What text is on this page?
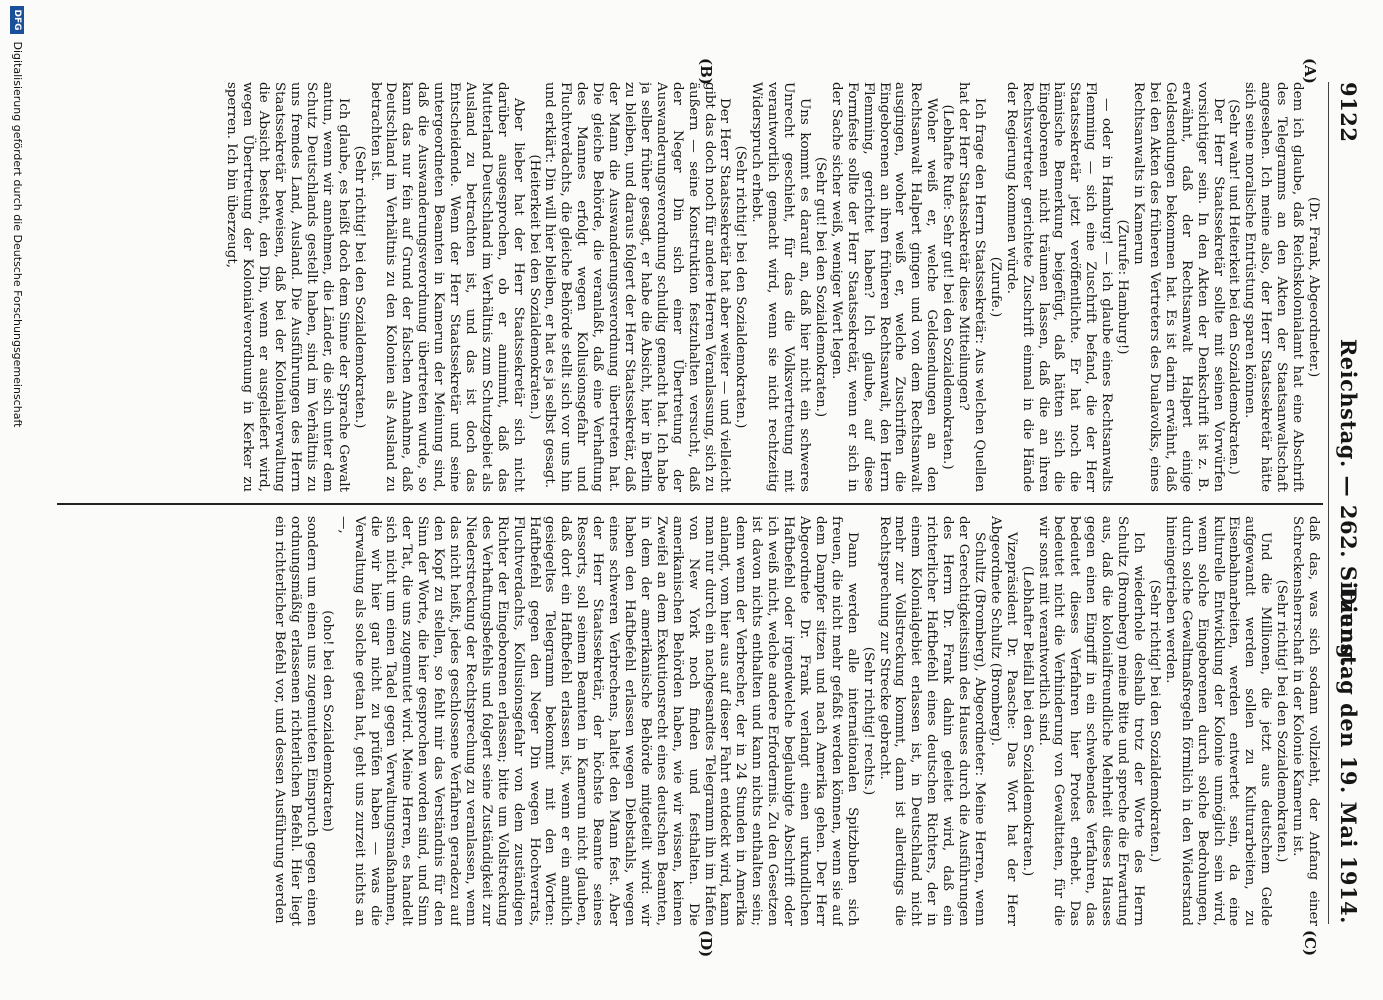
9122
Reichstag. — 262. Sitzung.
Dienstag den 19. Mai 1914.
(A)
(B)
(C)
(D)

(Dr. Frank, Abgeordneter.)

dem ich glaube, daß Reichskolonialamt hat eine Abschrift des Telegramms an den Akten der Staatsanwaltschaft angesehen. Ich meine also, der Herr Staatssekretär hätte sich seine moralische Entrüstung sparen können.

(Sehr wahr! und Heiterkeit bei den Sozialdemokraten.)

Der Herr Staatssekretär sollte mit seinen Vorwürfen vorsichtiger sein. In den Akten der Denkschrift ist z. B. erwähnt, daß der Rechtsanwalt Halpert einige Geldsendungen bekommen hat. Es ist darin erwähnt, daß bei den Akten des früheren Vertreters des Dualavolks, eines Rechtsanwalts in Kamerun

(Zurufe: Hamburg!)

— oder in Hamburg! — ich glaube eines Rechtsanwalts Flemming — sich eine Zuschrift befand, die der Herr Staatssekretär jetzt veröffentlichte. Er hat noch die hämische Bemerkung beigefügt, daß hätten sich die Eingeborenen nicht träumen lassen, daß die an ihren Rechtsvertreter gerichtete Zuschrift einmal in die Hände der Regierung kommen würde.

(Zurufe.)

Ich frage den Herrn Staatssekretär: Aus welchen Quellen hat der Herr Staatssekretär diese Mitteilungen?

(Lebhafte Rufe: Sehr gut! bei den Sozialdemokraten.)

Woher weiß er, welche Geldsendungen an den Rechtsanwalt Halpert gingen und von dem Rechtsanwalt ausgingen, woher weiß er, welche Zuschriften die Eingeborenen an ihren früheren Rechtsanwalt, den Herrn Flemming, gerichtet haben? Ich glaube, auf diese Formfeste sollte der Herr Staatssekretär, wenn er sich in der Sache sicher weiß, weniger Wert legen.

(Sehr gut! bei den Sozialdemokraten.)

Uns kommt es darauf an, daß hier nicht ein schweres Unrecht geschieht, für das die Volksvertretung mit verantwortlich gemacht wird, wenn sie nicht rechtzeitig Widerspruch erhebt.

(Sehr richtig! bei den Sozialdemokraten.)

Der Herr Staatssekretär hat aber weiter — und vielleicht gibt das doch noch für andere Herren Veranlassung, sich zu äußern — seine Konstruktion festzuhalten versucht, daß der Neger Din sich einer Übertretung der Auswanderungsverordnung schuldig gemacht hat. Ich habe ja selber früher gesagt, er habe die Absicht, hier in Berlin zu bleiben, und daraus folgert der Herr Staatssekretär, daß der Mann die Auswanderungsverordnung übertreten hat. Die gleiche Behörde, die veranlaßt, daß eine Verhaftung des Mannes erfolgt wegen Kollusionsgefahr und Fluchtverdachts, die gleiche Behörde stellt sich vor uns hin und erklärt: Din will hier bleiben, er hat es ja selbst gesagt.

(Heiterkeit bei den Sozialdemokraten.)

Aber lieber hat der Herr Staatssekretär sich nicht darüber ausgesprochen, ob er annimmt, daß das Mutterland Deutschland im Verhältnis zum Schutzgebiet als Ausland zu betrachten ist, und das ist doch das Entscheidende. Wenn der Herr Staatssekretär und seine untergeordneten Beamten in Kamerun der Meinung sind, daß die Auswanderungsverordnung übertreten wurde, so kann das nur fein auf Grund der falschen Annahme, daß Deutschland im Verhältnis zu den Kolonien als Ausland zu betrachten ist.

(Sehr richtig! bei den Sozialdemokraten.)

Ich glaube, es heißt doch dem Sinne der Sprache Gewalt antun, wenn wir annehmen, die Länder, die sich unter dem Schutz Deutschlands gestellt haben, sind im Verhältnis zu uns fremdes Land, Ausland. Die Ausführungen des Herrn Staatssekretär beweisen, daß bei der Kolonialverwaltung die Absicht besteht, den Din, wenn er ausgeliefert wird, wegen Übertretung der Kolonialverordnung in Kerker zu sperren. Ich bin überzeugt,

daß das, was sich sodann vollzieht, der Anfang einer Schreckensherrschaft in der Kolonie Kamerun ist.

(Sehr richtig! bei den Sozialdemokraten.)

Und die Millionen, die jetzt aus deutschem Gelde aufgewandt werden sollen zu Kulturarbeiten, zu Eisenbahnarbeiten, werden entwertet sein, da eine kulturelle Entwicklung der Kolonie unmöglich sein wird, wenn solche Eingeborenen durch solche Bedrohungen, durch solche Gewaltmaßregeln förmlich in den Widerstand hineingetrieben werden.

(Sehr richtig! bei den Sozialdemokraten.)

Ich wiederhole deshalb trotz der Worte des Herrn Schultz (Bromberg) meine Bitte und spreche die Erwartung aus, daß die kolonialfreundliche Mehrheit dieses Hauses gegen einen Eingriff in ein schwebendes Verfahren, das bedeutet dieses Verfahren hier Protest erhebt. Das bedeutet nicht die Verhinderung von Gewalttaten, für die wir sonst mit verantwortlich sind.

(Lebhafter Beifall bei den Sozialdemokraten.)

Vizepräsident Dr. Paasche: Das Wort hat der Herr Abgeordnete Schultz (Bromberg).

Schultz (Bromberg), Abgeordneter: Meine Herren, wenn der Gerechtigkeitssinn des Hauses durch die Ausführungen des Herrn Dr. Frank dahin geleitet wird, daß ein richterlicher Haftbefehl eines deutschen Richters, der in einem Kolonialgebiet erlassen ist, in Deutschland nicht mehr zur Vollstreckung kommt, dann ist allerdings die Rechtsprechung zur Strecke gebracht.

(Sehr richtig! rechts.)

Dann werden alle internationalen Spitzbuben sich freuen, die nicht mehr gefaßt werden können, wenn sie auf dem Dampfer sitzen und nach Amerika gehen. Der Herr Abgeordnete Dr. Frank verlangt einen urkundlichen Haftbefehl oder irgendwelche beglaubigte Abschrift oder ich weiß nicht, welche andere Erfordernis. Zu den Gesetzen ist davon nichts enthalten und kann nichts enthalten sein; denn wenn der Verbrecher, der in 24 Stunden in Amerika anlangt, vom hier aus auf dieser Fahrt entdeckt wird, kann man nur durch ein nachgesandtes Telegramm ihn im Hafen von New York noch finden und festhalten. Die amerikanischen Behörden haben, wie wir wissen, keinen Zweifel an dem Exekutionsrecht eines deutschen Beamten, in dem der amerikanische Behörde mitgeteilt wird: wir haben den Haftbefehl erlassen wegen Diebstahls, wegen eines schweren Verbrechens, haltet den Mann fest. Aber der Herr Staatssekretär, der höchste Beamte seines Ressorts, soll seinem Beamten in Kamerun nicht glauben, daß dort ein Haftbefehl erlassen ist, wenn er ein amtlich gesiegeltes Telegramm bekommt mit den Worten: Haftbefehl gegen den Neger Din wegen Hochverrats, Fluchtverdachts, Kollusionsgefahr von dem zuständigen Richter der Eingeborenen erlassen; bitte um Vollstreckung des Verhaftungsbefehls und folgert seine Zuständigkeit zur Niederstreckung der Rechtsprechung zu veranlassen, wenn das nicht heißt, jedes geschlossene Verfahren geradezu auf den Kopf zu stellen, so fehlt mir das Verständnis für den Sinn der Worte, die hier gesprochen worden sind, und Sinn der Tat, die uns zugemutet wird. Meine Herren, es handelt sich nicht um einen Tadel gegen Verwaltungsmaßnahmen, die wir hier gar nicht zu prüfen haben — was die Verwaltung als solche getan hat, geht uns zurzeit nichts an —,

(oho! bei den Sozialdemokraten)

sondern um einen uns zugemuteten Einspruch gegen einen ordnungsmäßig erlassenen richterlichen Befehl. Hier liegt ein richterlicher Befehl vor, und dessen Ausführung werden

DFG Digitalisierung gefördert durch die Deutsche Forschungsgemeinschaft
